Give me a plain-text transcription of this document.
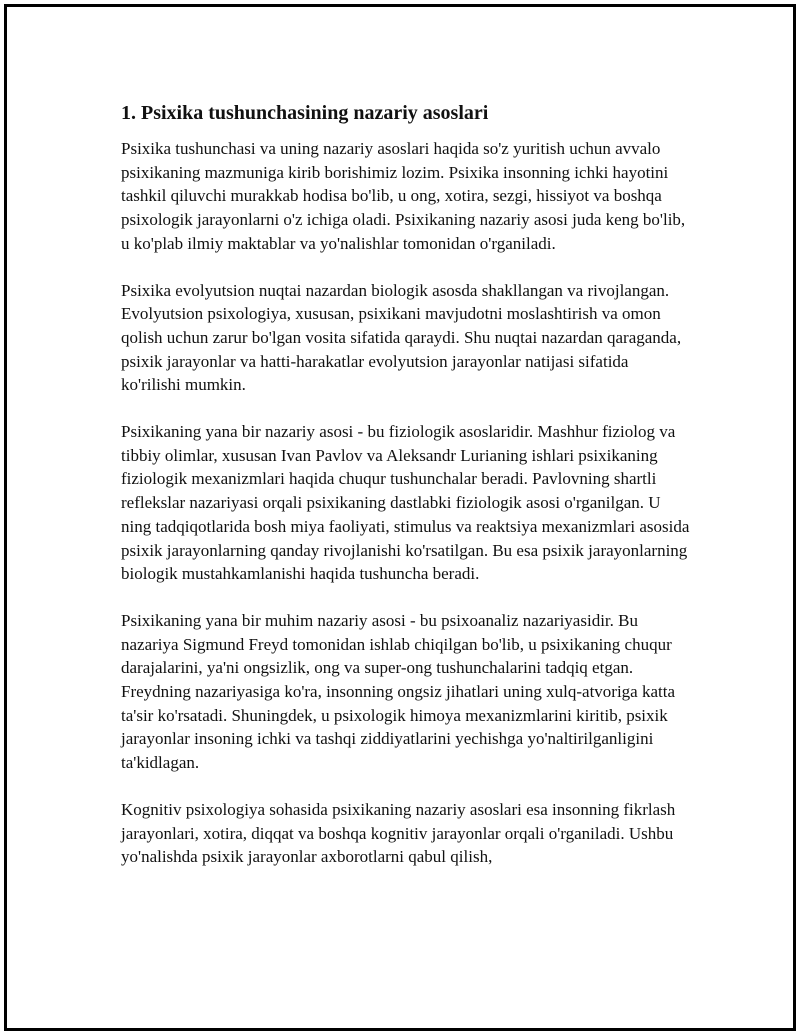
1. Psixika tushunchasining nazariy asoslari

Psixika tushunchasi va uning nazariy asoslari haqida so'z yuritish uchun avvalo psixikaning mazmuniga kirib borishimiz lozim. Psixika insonning ichki hayotini tashkil qiluvchi murakkab hodisa bo'lib, u ong, xotira, sezgi, hissiyot va boshqa psixologik jarayonlarni o'z ichiga oladi. Psixikaning nazariy asosi juda keng bo'lib, u ko'plab ilmiy maktablar va yo'nalishlar tomonidan o'rganiladi.

Psixika evolyutsion nuqtai nazardan biologik asosda shakllangan va rivojlangan. Evolyutsion psixologiya, xususan, psixikani mavjudotni moslashtirish va omon qolish uchun zarur bo'lgan vosita sifatida qaraydi. Shu nuqtai nazardan qaraganda, psixik jarayonlar va hatti-harakatlar evolyutsion jarayonlar natijasi sifatida ko'rilishi mumkin.

Psixikaning yana bir nazariy asosi - bu fiziologik asoslaridir. Mashhur fiziolog va tibbiy olimlar, xususan Ivan Pavlov va Aleksandr Lurianing ishlari psixikaning fiziologik mexanizmlari haqida chuqur tushunchalar beradi. Pavlovning shartli reflekslar nazariyasi orqali psixikaning dastlabki fiziologik asosi o'rganilgan. U ning tadqiqotlarida bosh miya faoliyati, stimulus va reaktsiya mexanizmlari asosida psixik jarayonlarning qanday rivojlanishi ko'rsatilgan. Bu esa psixik jarayonlarning biologik mustahkamlanishi haqida tushuncha beradi.

Psixikaning yana bir muhim nazariy asosi - bu psixoanaliz nazariyasidir. Bu nazariya Sigmund Freyd tomonidan ishlab chiqilgan bo'lib, u psixikaning chuqur darajalarini, ya'ni ongsizlik, ong va super-ong tushunchalarini tadqiq etgan. Freydning nazariyasiga ko'ra, insonning ongsiz jihatlari uning xulq-atvoriga katta ta'sir ko'rsatadi. Shuningdek, u psixologik himoya mexanizmlarini kiritib, psixik jarayonlar insoning ichki va tashqi ziddiyatlarini yechishga yo'naltirilganligini ta'kidlagan.

Kognitiv psixologiya sohasida psixikaning nazariy asoslari esa insonning fikrlash jarayonlari, xotira, diqqat va boshqa kognitiv jarayonlar orqali o'rganiladi. Ushbu yo'nalishda psixik jarayonlar axborotlarni qabul qilish,
